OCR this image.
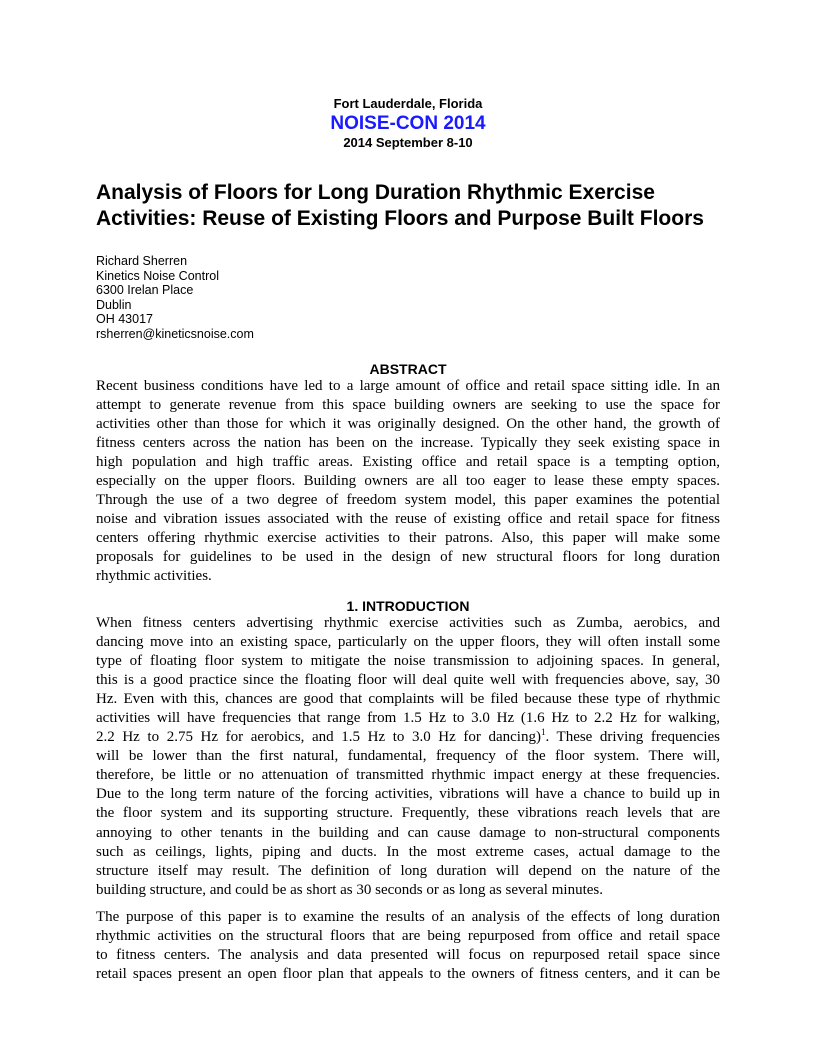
Fort Lauderdale, Florida
NOISE-CON 2014
2014 September 8-10
Analysis of Floors for Long Duration Rhythmic Exercise
Activities: Reuse of Existing Floors and Purpose Built Floors
Richard Sherren
Kinetics Noise Control
6300 Irelan Place
Dublin
OH 43017
rsherren@kineticsnoise.com
ABSTRACT
Recent business conditions have led to a large amount of office and retail space sitting idle. In an
attempt to generate revenue from this space building owners are seeking to use the space for
activities other than those for which it was originally designed. On the other hand, the growth of
fitness centers across the nation has been on the increase. Typically they seek existing space in
high population and high traffic areas. Existing office and retail space is a tempting option,
especially on the upper floors. Building owners are all too eager to lease these empty spaces.
Through the use of a two degree of freedom system model, this paper examines the potential
noise and vibration issues associated with the reuse of existing office and retail space for fitness
centers offering rhythmic exercise activities to their patrons. Also, this paper will make some
proposals for guidelines to be used in the design of new structural floors for long duration
rhythmic activities.
1. INTRODUCTION
When fitness centers advertising rhythmic exercise activities such as Zumba, aerobics, and
dancing move into an existing space, particularly on the upper floors, they will often install some
type of floating floor system to mitigate the noise transmission to adjoining spaces. In general,
this is a good practice since the floating floor will deal quite well with frequencies above, say, 30
Hz. Even with this, chances are good that complaints will be filed because these type of rhythmic
activities will have frequencies that range from 1.5 Hz to 3.0 Hz (1.6 Hz to 2.2 Hz for walking,
2.2 Hz to 2.75 Hz for aerobics, and 1.5 Hz to 3.0 Hz for dancing)$^1$. These driving frequencies
will be lower than the first natural, fundamental, frequency of the floor system. There will,
therefore, be little or no attenuation of transmitted rhythmic impact energy at these frequencies.
Due to the long term nature of the forcing activities, vibrations will have a chance to build up in
the floor system and its supporting structure. Frequently, these vibrations reach levels that are
annoying to other tenants in the building and can cause damage to non-structural components
such as ceilings, lights, piping and ducts. In the most extreme cases, actual damage to the
structure itself may result. The definition of long duration will depend on the nature of the
building structure, and could be as short as 30 seconds or as long as several minutes.
The purpose of this paper is to examine the results of an analysis of the effects of long duration
rhythmic activities on the structural floors that are being repurposed from office and retail space
to fitness centers. The analysis and data presented will focus on repurposed retail space since
retail spaces present an open floor plan that appeals to the owners of fitness centers, and it can be
